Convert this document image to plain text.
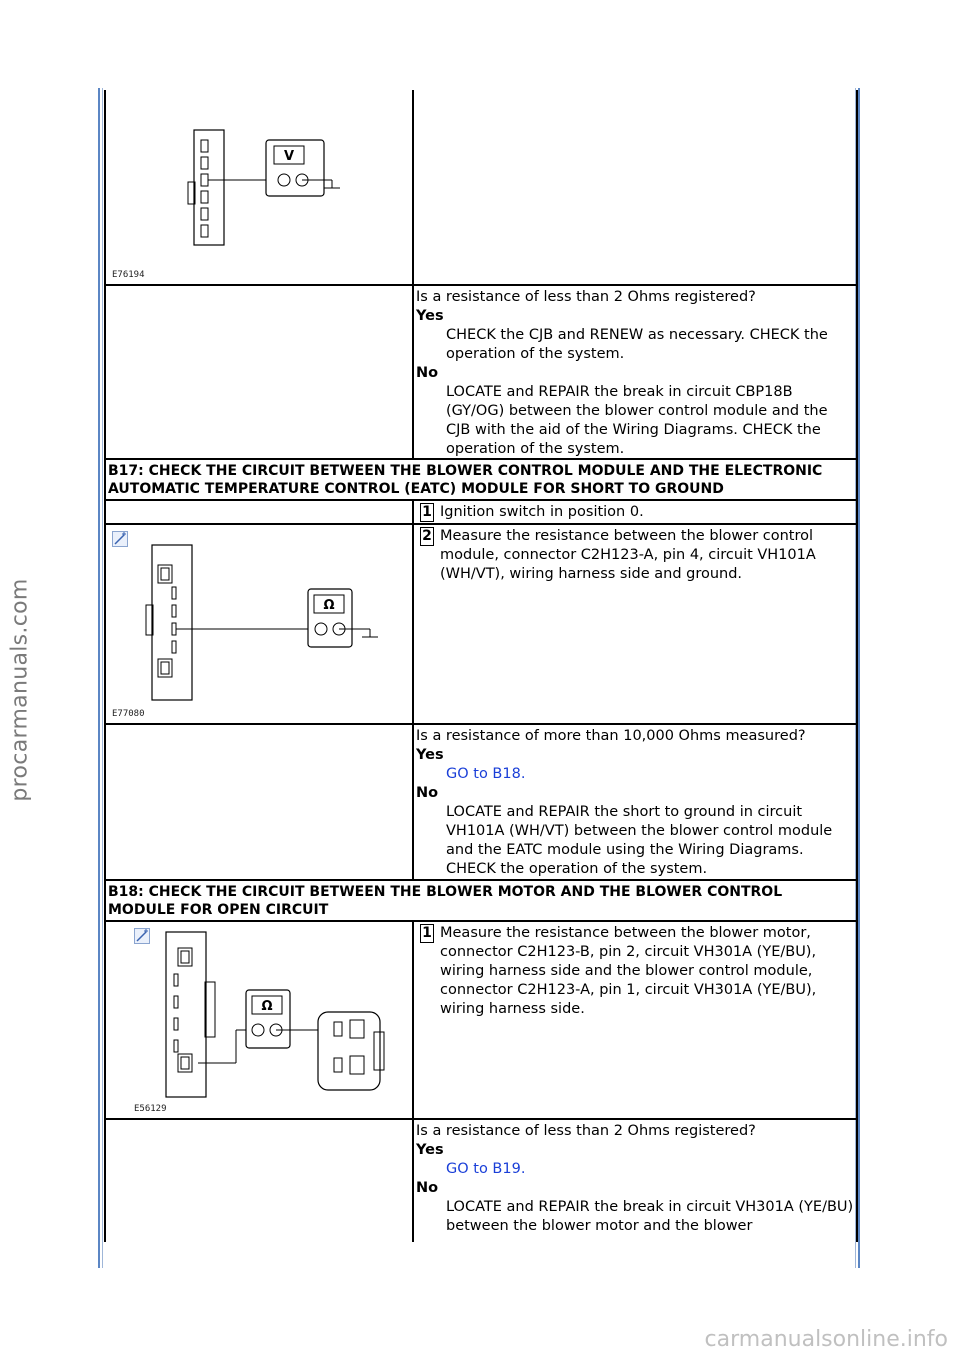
procarmanuals.com
carmanualsonline.info
V
E76194
Is a resistance of less than 2 Ohms registered?
Yes
CHECK the CJB and RENEW as necessary. CHECK the operation of the system.
No
LOCATE and REPAIR the break in circuit CBP18B (GY/OG) between the blower control module and the CJB with the aid of the Wiring Diagrams. CHECK the operation of the system.
B17: CHECK THE CIRCUIT BETWEEN THE BLOWER CONTROL MODULE AND THE ELECTRONIC AUTOMATIC TEMPERATURE CONTROL (EATC) MODULE FOR SHORT TO GROUND
1 Ignition switch in position 0.
Ω
E77080
2 Measure the resistance between the blower control module, connector C2H123-A, pin 4, circuit VH101A (WH/VT), wiring harness side and ground.
Is a resistance of more than 10,000 Ohms measured?
Yes
GO to B18.
No
LOCATE and REPAIR the short to ground in circuit VH101A (WH/VT) between the blower control module and the EATC module using the Wiring Diagrams. CHECK the operation of the system.
B18: CHECK THE CIRCUIT BETWEEN THE BLOWER MOTOR AND THE BLOWER CONTROL MODULE FOR OPEN CIRCUIT
Ω
E56129
1 Measure the resistance between the blower motor, connector C2H123-B, pin 2, circuit VH301A (YE/BU), wiring harness side and the blower control module, connector C2H123-A, pin 1, circuit VH301A (YE/BU), wiring harness side.
Is a resistance of less than 2 Ohms registered?
Yes
GO to B19.
No
LOCATE and REPAIR the break in circuit VH301A (YE/BU) between the blower motor and the blower
